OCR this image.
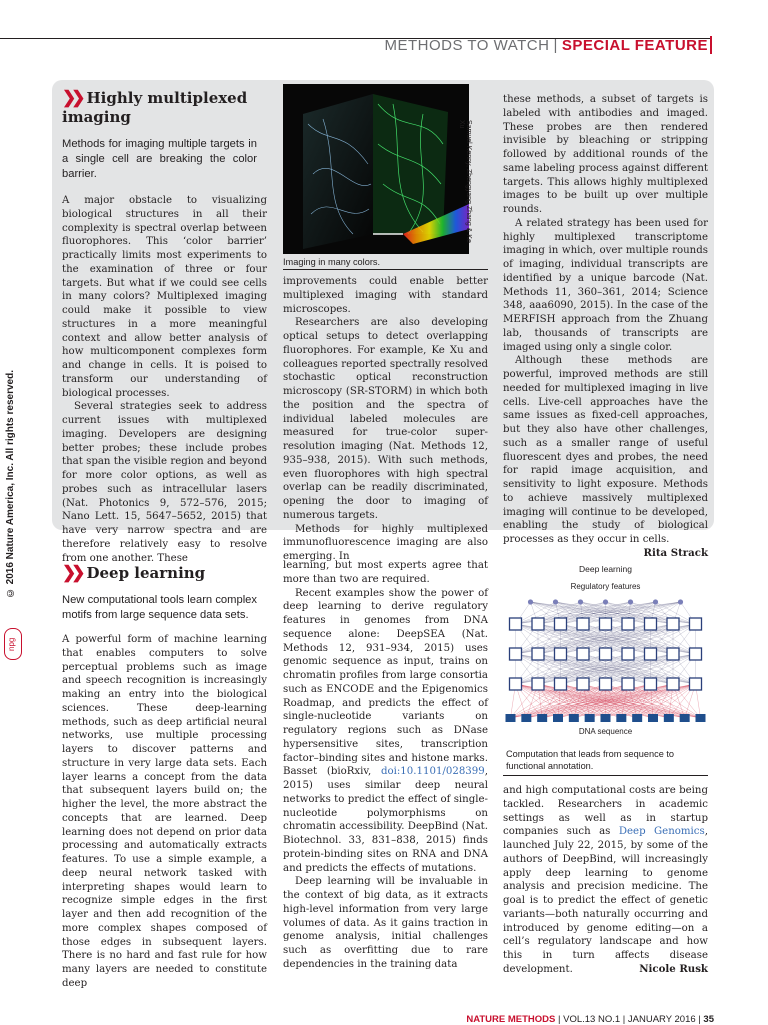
METHODS TO WATCH | SPECIAL FEATURE
© 2016 Nature America, Inc. All rights reserved.
npg
❯❯ Highly multiplexed
imaging
Methods for imaging multiple targets in a single cell are breaking the color barrier.

A major obstacle to visualizing biological structures in all their complexity is spectral overlap between fluorophores. This ‘color barrier’ practically limits most experiments to the examination of three or four targets. But what if we could see cells in many colors? Multiplexed imaging could make it possible to view structures in a more meaningful context and allow better analysis of how multicomponent complexes form and change in cells. It is poised to transform our understanding of biological processes.

Several strategies seek to address current issues with multiplexed imaging. Developers are designing better probes; these include probes that span the visible region and beyond for more color options, as well as probes such as intracellular lasers (Nat. Photonics 9, 572–576, 2015; Nano Lett. 15, 5647–5652, 2015) that have very narrow spectra and are therefore relatively easy to resolve from one another. These

Samuel Kenny, Zhengyang Zhang & Ke Xu
Imaging in many colors.

improvements could enable better multiplexed imaging with standard microscopes.

Researchers are also developing optical setups to detect overlapping fluorophores. For example, Ke Xu and colleagues reported spectrally resolved stochastic optical reconstruction microscopy (SR-STORM) in which both the position and the spectra of individual labeled molecules are measured for true-color super-resolution imaging (Nat. Methods 12, 935–938, 2015). With such methods, even fluorophores with high spectral overlap can be readily discriminated, opening the door to imaging of numerous targets.

Methods for highly multiplexed immunofluorescence imaging are also emerging. In

these methods, a subset of targets is labeled with antibodies and imaged. These probes are then rendered invisible by bleaching or stripping followed by additional rounds of the same labeling process against different targets. This allows highly multiplexed images to be built up over multiple rounds.

A related strategy has been used for highly multiplexed transcriptome imaging in which, over multiple rounds of imaging, individual transcripts are identified by a unique barcode (Nat. Methods 11, 360–361, 2014; Science 348, aaa6090, 2015). In the case of the MERFISH approach from the Zhuang lab, thousands of transcripts are imaged using only a single color.

Although these methods are powerful, improved methods are still needed for multiplexed imaging in live cells. Live-cell approaches have the same issues as fixed-cell approaches, but they also have other challenges, such as a smaller range of useful fluorescent dyes and probes, the need for rapid image acquisition, and sensitivity to light exposure. Methods to achieve massively multiplexed imaging will continue to be developed, enabling the study of biological processes as they occur in cells.
Rita Strack

❯❯ Deep learning
New computational tools learn complex motifs from large sequence data sets.

A powerful form of machine learning that enables computers to solve perceptual problems such as image and speech recognition is increasingly making an entry into the biological sciences. These deep-learning methods, such as deep artificial neural networks, use multiple processing layers to discover patterns and structure in very large data sets. Each layer learns a concept from the data that subsequent layers build on; the higher the level, the more abstract the concepts that are learned. Deep learning does not depend on prior data processing and automatically extracts features. To use a simple example, a deep neural network tasked with interpreting shapes would learn to recognize simple edges in the first layer and then add recognition of the more complex shapes composed of those edges in subsequent layers. There is no hard and fast rule for how many layers are needed to constitute deep

learning, but most experts agree that more than two are required.

Recent examples show the power of deep learning to derive regulatory features in genomes from DNA sequence alone: DeepSEA (Nat. Methods 12, 931–934, 2015) uses genomic sequence as input, trains on chromatin profiles from large consortia such as ENCODE and the Epigenomics Roadmap, and predicts the effect of single-nucleotide variants on regulatory regions such as DNase hypersensitive sites, transcription factor–binding sites and histone marks. Basset (bioRxiv, doi:10.1101/028399, 2015) uses similar deep neural networks to predict the effect of single-nucleotide polymorphisms on chromatin accessibility. DeepBind (Nat. Biotechnol. 33, 831–838, 2015) finds protein-binding sites on RNA and DNA and predicts the effects of mutations.

Deep learning will be invaluable in the context of big data, as it extracts high-level information from very large volumes of data. As it gains traction in genome analysis, initial challenges such as overfitting due to rare dependencies in the training data

Deep learning
Regulatory features
DNA sequence
Computation that leads from sequence to functional annotation.

and high computational costs are being tackled. Researchers in academic settings as well as in startup companies such as Deep Genomics, launched July 22, 2015, by some of the authors of DeepBind, will increasingly apply deep learning to genome analysis and precision medicine. The goal is to predict the effect of genetic variants—both naturally occurring and introduced by genome editing—on a cell’s regulatory landscape and how this in turn affects disease development.	Nicole Rusk

NATURE METHODS | VOL.13 NO.1 | JANUARY 2016 | 35
